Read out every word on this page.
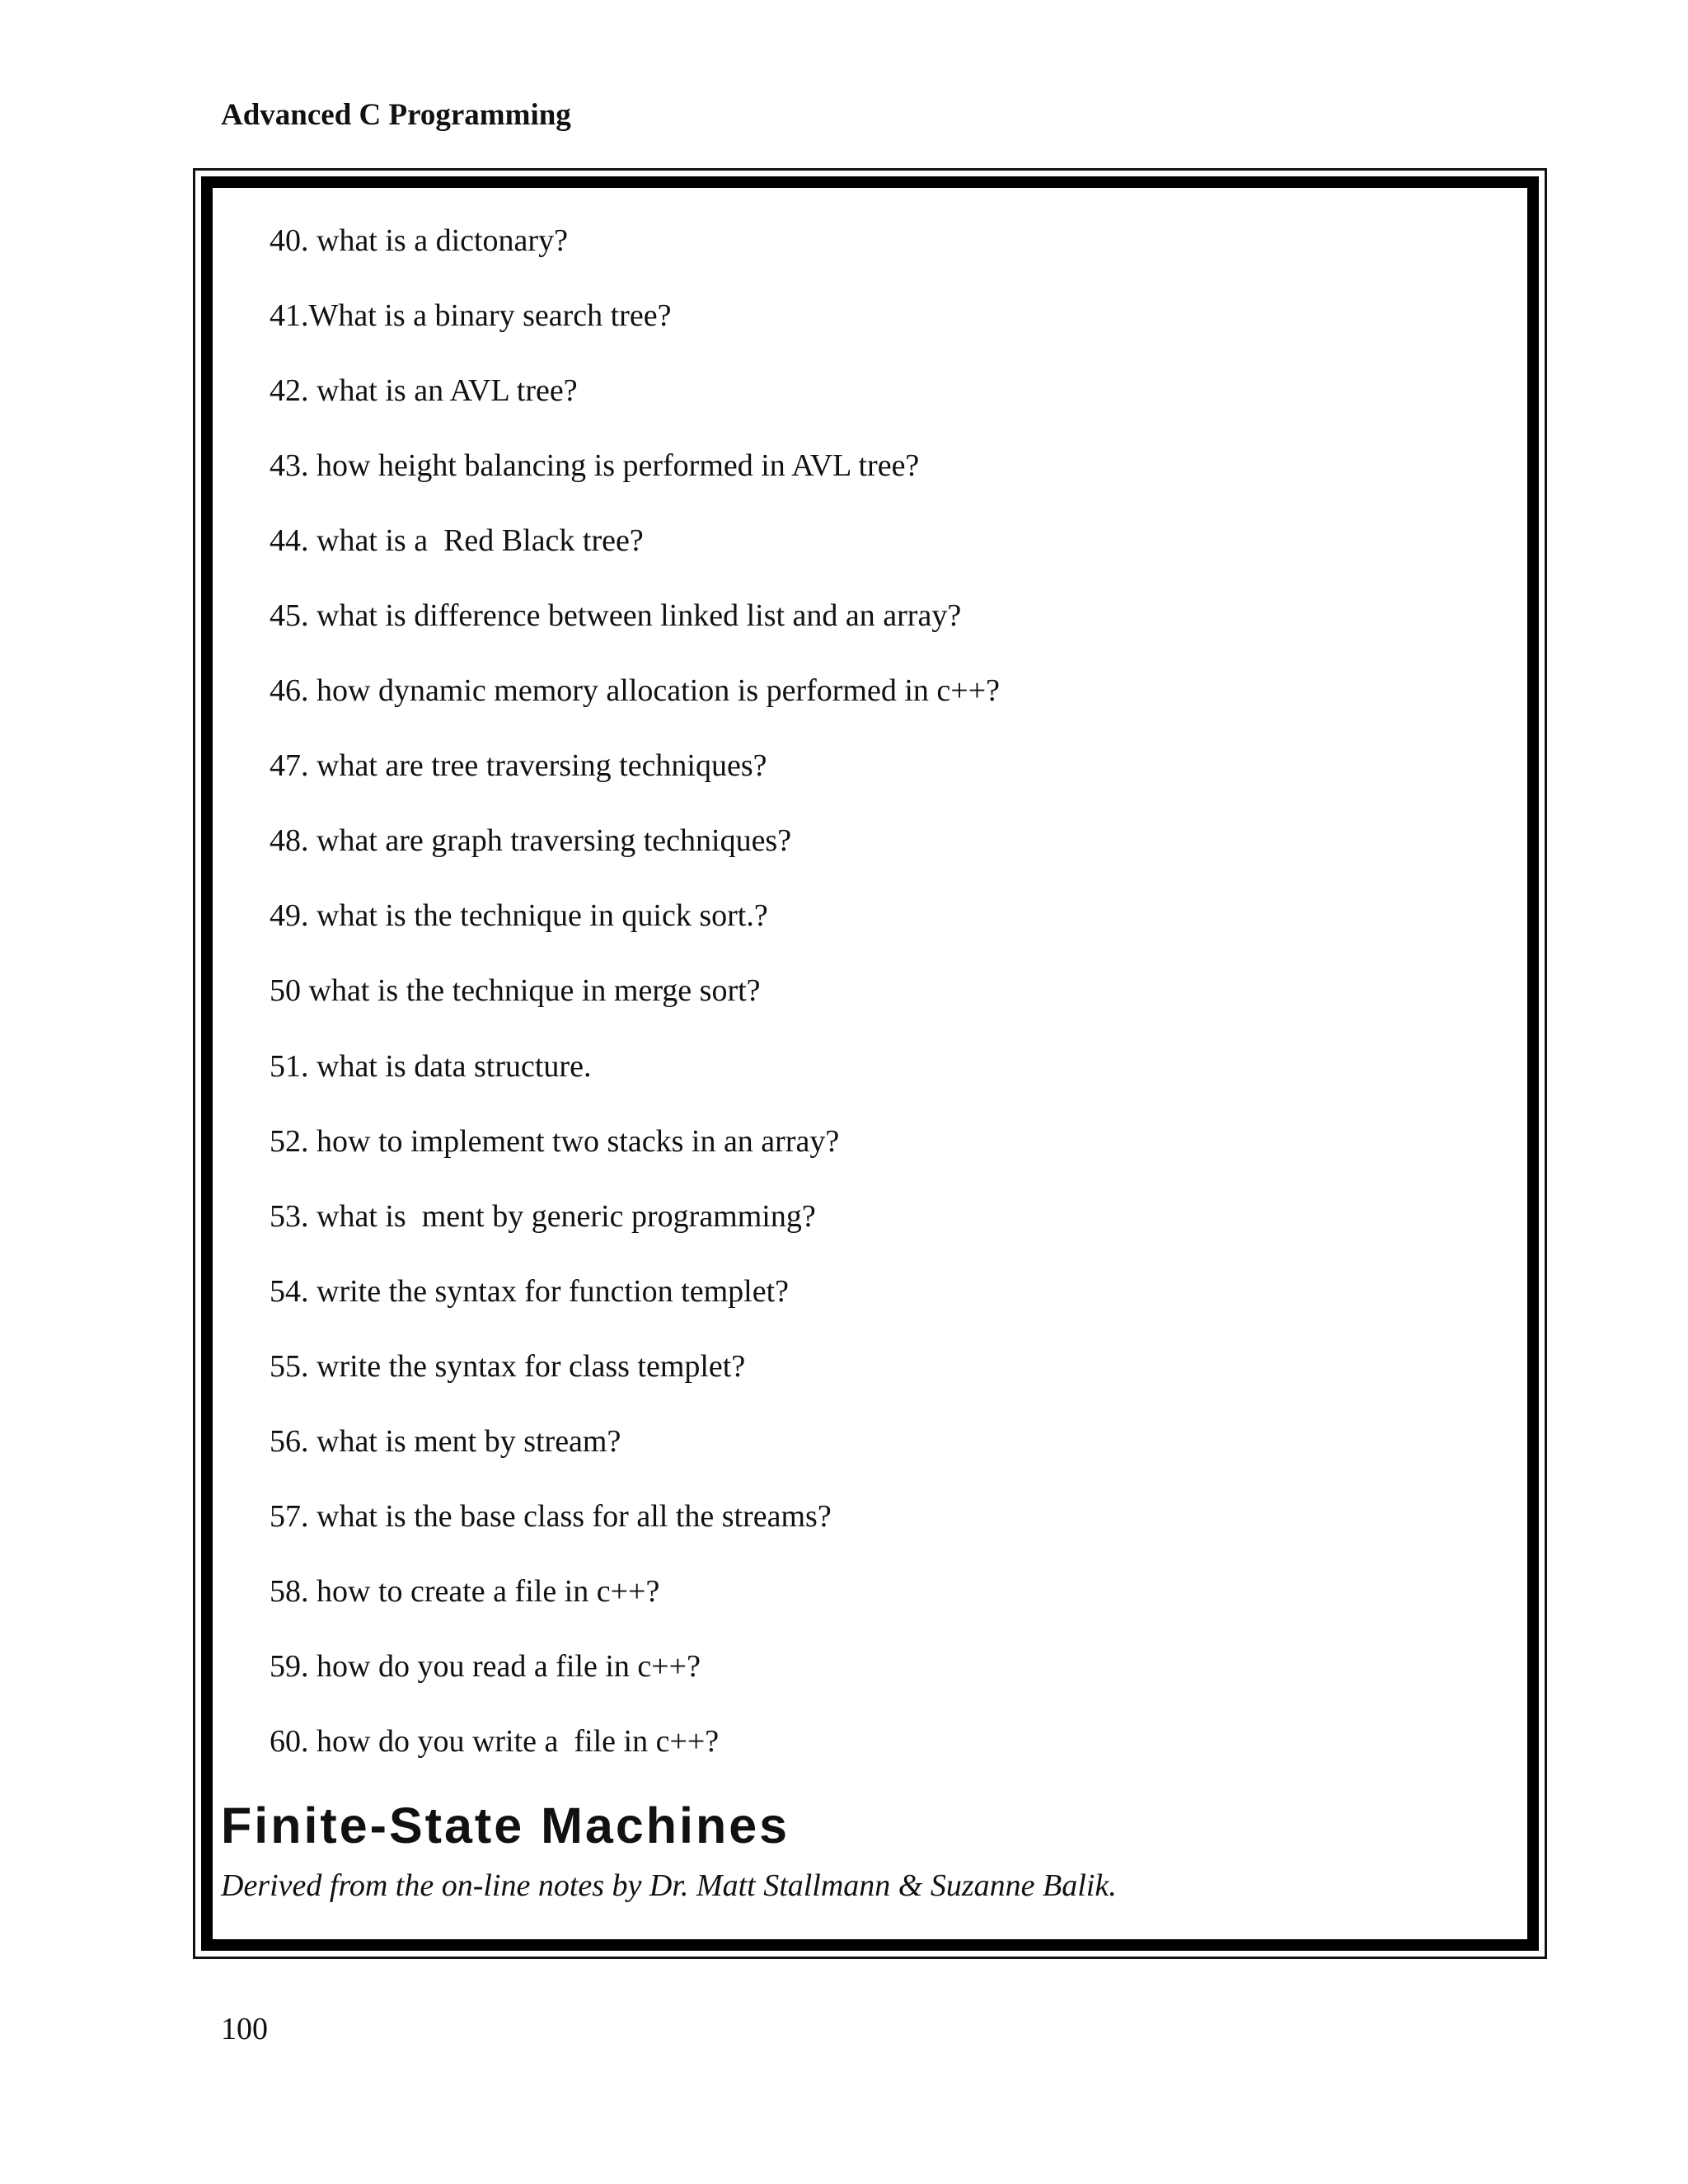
Advanced C Programming
40. what is a dictonary?
41.What is a binary search tree?
42. what is an AVL tree?
43. how height balancing is performed in AVL tree?
44. what is a  Red Black tree?
45. what is difference between linked list and an array?
46. how dynamic memory allocation is performed in c++?
47. what are tree traversing techniques?
48. what are graph traversing techniques?
49. what is the technique in quick sort.?
50 what is the technique in merge sort?
51. what is data structure.
52. how to implement two stacks in an array?
53. what is  ment by generic programming?
54. write the syntax for function templet?
55. write the syntax for class templet?
56. what is ment by stream?
57. what is the base class for all the streams?
58. how to create a file in c++?
59. how do you read a file in c++?
60. how do you write a  file in c++?
Finite-State Machines
Derived from the on-line notes by Dr. Matt Stallmann & Suzanne Balik.
100
